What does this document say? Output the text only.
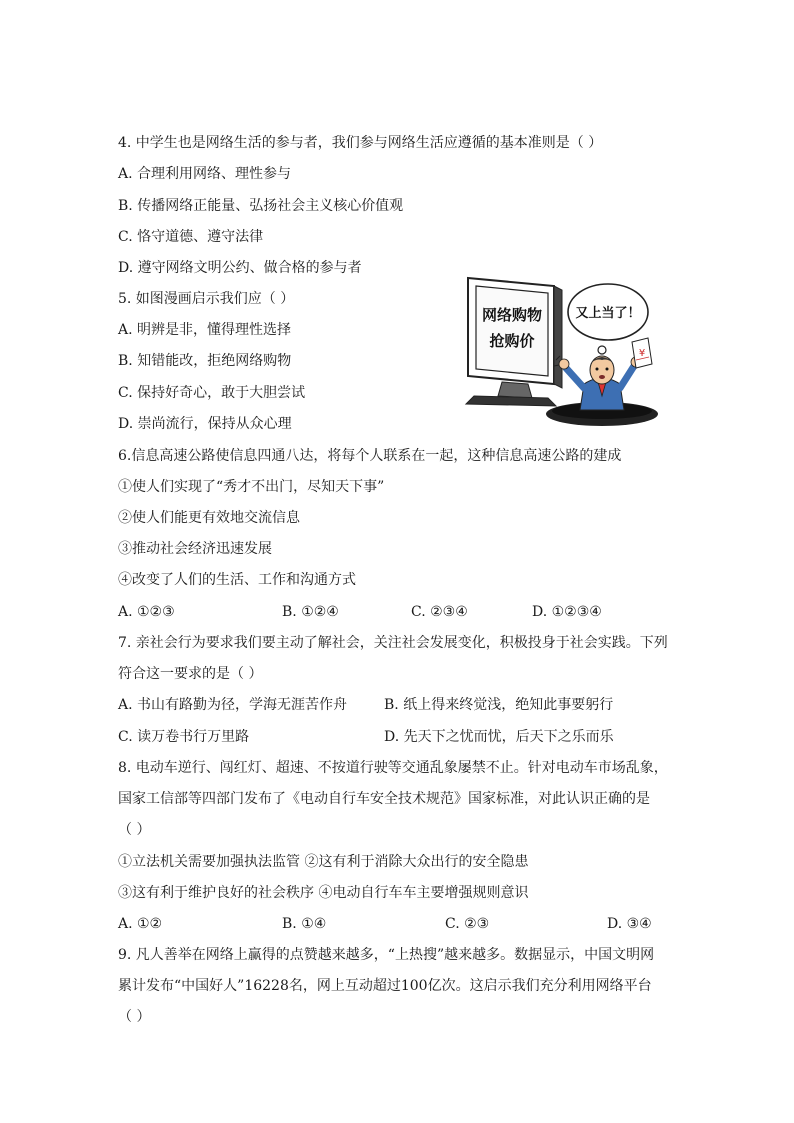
4. 中学生也是网络生活的参与者，我们参与网络生活应遵循的基本准则是（ ）
A. 合理利用网络、理性参与
B. 传播网络正能量、弘扬社会主义核心价值观
C. 恪守道德、遵守法律
D. 遵守网络文明公约、做合格的参与者
5. 如图漫画启示我们应（ ）
A. 明辨是非，懂得理性选择
B. 知错能改，拒绝网络购物
C. 保持好奇心，敢于大胆尝试
D. 崇尚流行，保持从众心理
网络购物
抢购价
又上当了！
¥
6.信息高速公路使信息四通八达，将每个人联系在一起，这种信息高速公路的建成
①使人们实现了“秀才不出门，尽知天下事”
②使人们能更有效地交流信息
③推动社会经济迅速发展
④改变了人们的生活、工作和沟通方式
A. ①②③	B. ①②④	C. ②③④	D. ①②③④
7. 亲社会行为要求我们要主动了解社会，关注社会发展变化，积极投身于社会实践。下列
符合这一要求的是（ ）
A. 书山有路勤为径，学海无涯苦作舟	B. 纸上得来终觉浅，绝知此事要躬行
C. 读万卷书行万里路	D. 先天下之忧而忧，后天下之乐而乐
8. 电动车逆行、闯红灯、超速、不按道行驶等交通乱象屡禁不止。针对电动车市场乱象，
国家工信部等四部门发布了《电动自行车安全技术规范》国家标准，对此认识正确的是
（ ）
①立法机关需要加强执法监管 ②这有利于消除大众出行的安全隐患
③这有利于维护良好的社会秩序 ④电动自行车车主要增强规则意识
A. ①②	B. ①④	C. ②③	D. ③④
9. 凡人善举在网络上赢得的点赞越来越多，“上热搜”越来越多。数据显示，中国文明网
累计发布“中国好人”16228名，网上互动超过100亿次。这启示我们充分利用网络平台
（ ）
